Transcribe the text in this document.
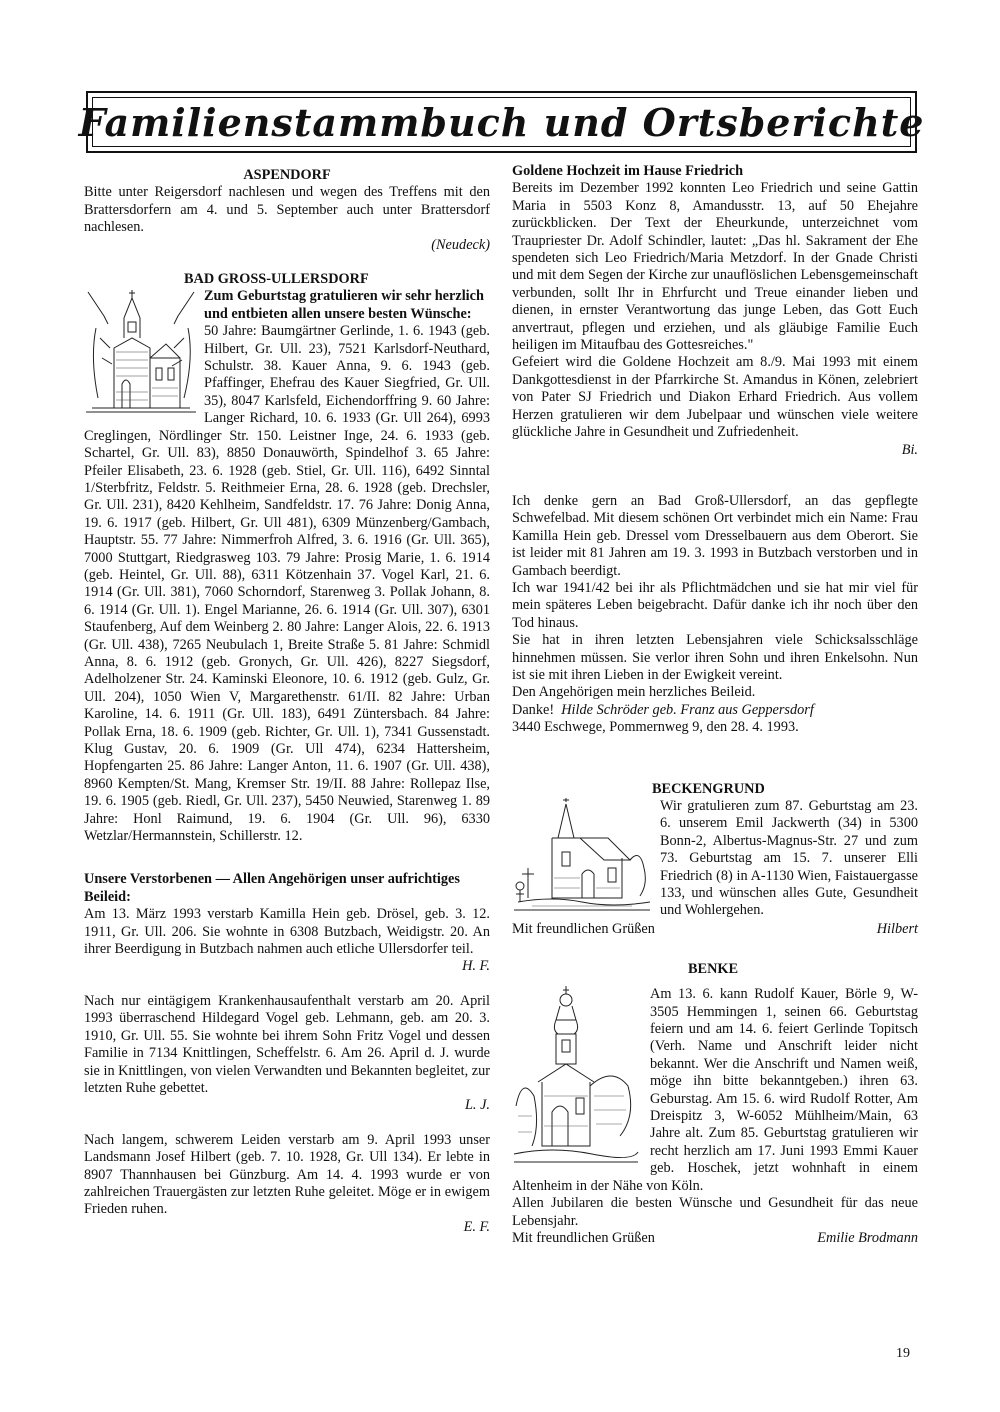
Familienstammbuch und Ortsberichte

ASPENDORF

Bitte unter Reigersdorf nachlesen und wegen des Treffens mit den Brattersdorfern am 4. und 5. September auch unter Brattersdorf nachlesen.

(Neudeck)

BAD GROSS-ULLERSDORF

Zum Geburtstag gratulieren wir sehr herzlich und entbieten allen unsere besten Wünsche:

50 Jahre: Baumgärtner Gerlinde, 1. 6. 1943 (geb. Hilbert, Gr. Ull. 23), 7521 Karlsdorf-Neuthard, Schulstr. 38. Kauer Anna, 9. 6. 1943 (geb. Pfaffinger, Ehefrau des Kauer Siegfried, Gr. Ull. 35), 8047 Karlsfeld, Eichendorffring 9. 60 Jahre: Langer Richard, 10. 6. 1933 (Gr. Ull 264), 6993 Creglingen, Nördlinger Str. 150. Leistner Inge, 24. 6. 1933 (geb. Schartel, Gr. Ull. 83), 8850 Donauwörth, Spindelhof 3. 65 Jahre: Pfeiler Elisabeth, 23. 6. 1928 (geb. Stiel, Gr. Ull. 116), 6492 Sinntal 1/Sterbfritz, Feldstr. 5. Reithmeier Erna, 28. 6. 1928 (geb. Drechsler, Gr. Ull. 231), 8420 Kehlheim, Sandfeldstr. 17. 76 Jahre: Donig Anna, 19. 6. 1917 (geb. Hilbert, Gr. Ull 481), 6309 Münzenberg/Gambach, Hauptstr. 55. 77 Jahre: Nimmerfroh Alfred, 3. 6. 1916 (Gr. Ull. 365), 7000 Stuttgart, Riedgrasweg 103. 79 Jahre: Prosig Marie, 1. 6. 1914 (geb. Heintel, Gr. Ull. 88), 6311 Kötzenhain 37. Vogel Karl, 21. 6. 1914 (Gr. Ull. 381), 7060 Schorndorf, Starenweg 3. Pollak Johann, 8. 6. 1914 (Gr. Ull. 1). Engel Marianne, 26. 6. 1914 (Gr. Ull. 307), 6301 Staufenberg, Auf dem Weinberg 2. 80 Jahre: Langer Alois, 22. 6. 1913 (Gr. Ull. 438), 7265 Neubulach 1, Breite Straße 5. 81 Jahre: Schmidl Anna, 8. 6. 1912 (geb. Gronych, Gr. Ull. 426), 8227 Siegsdorf, Adelholzener Str. 24. Kaminski Eleonore, 10. 6. 1912 (geb. Gulz, Gr. Ull. 204), 1050 Wien V, Margarethenstr. 61/II. 82 Jahre: Urban Karoline, 14. 6. 1911 (Gr. Ull. 183), 6491 Züntersbach. 84 Jahre: Pollak Erna, 18. 6. 1909 (geb. Richter, Gr. Ull. 1), 7341 Gussenstadt. Klug Gustav, 20. 6. 1909 (Gr. Ull 474), 6234 Hattersheim, Hopfengarten 25. 86 Jahre: Langer Anton, 11. 6. 1907 (Gr. Ull. 438), 8960 Kempten/St. Mang, Kremser Str. 19/II. 88 Jahre: Rollepaz Ilse, 19. 6. 1905 (geb. Riedl, Gr. Ull. 237), 5450 Neuwied, Starenweg 1. 89 Jahre: Honl Raimund, 19. 6. 1904 (Gr. Ull. 96), 6330 Wetzlar/Hermannstein, Schillerstr. 12.

Unsere Verstorbenen — Allen Angehörigen unser aufrichtiges Beileid:

Am 13. März 1993 verstarb Kamilla Hein geb. Drösel, geb. 3. 12. 1911, Gr. Ull. 206. Sie wohnte in 6308 Butzbach, Weidigstr. 20. An ihrer Beerdigung in Butzbach nahmen auch etliche Ullersdorfer teil.

H. F.

Nach nur eintägigem Krankenhausaufenthalt verstarb am 20. April 1993 überraschend Hildegard Vogel geb. Lehmann, geb. am 20. 3. 1910, Gr. Ull. 55. Sie wohnte bei ihrem Sohn Fritz Vogel und dessen Familie in 7134 Knittlingen, Scheffelstr. 6. Am 26. April d. J. wurde sie in Knittlingen, von vielen Verwandten und Bekannten begleitet, zur letzten Ruhe gebettet.

L. J.

Nach langem, schwerem Leiden verstarb am 9. April 1993 unser Landsmann Josef Hilbert (geb. 7. 10. 1928, Gr. Ull 134). Er lebte in 8907 Thannhausen bei Günzburg. Am 14. 4. 1993 wurde er von zahlreichen Trauergästen zur letzten Ruhe geleitet. Möge er in ewigem Frieden ruhen.

E. F.

Goldene Hochzeit im Hause Friedrich

Bereits im Dezember 1992 konnten Leo Friedrich und seine Gattin Maria in 5503 Konz 8, Amandusstr. 13, auf 50 Ehejahre zurückblicken. Der Text der Eheurkunde, unterzeichnet vom Traupriester Dr. Adolf Schindler, lautet: „Das hl. Sakrament der Ehe spendeten sich Leo Friedrich/Maria Metzdorf. In der Gnade Christi und mit dem Segen der Kirche zur unauflöslichen Lebensgemeinschaft verbunden, sollt Ihr in Ehrfurcht und Treue einander lieben und dienen, in ernster Verantwortung das junge Leben, das Gott Euch anvertraut, pflegen und erziehen, und als gläubige Familie Euch heiligen im Mitaufbau des Gottesreiches."

Gefeiert wird die Goldene Hochzeit am 8./9. Mai 1993 mit einem Dankgottesdienst in der Pfarrkirche St. Amandus in Könen, zelebriert von Pater SJ Friedrich und Diakon Erhard Friedrich. Aus vollem Herzen gratulieren wir dem Jubelpaar und wünschen viele weitere glückliche Jahre in Gesundheit und Zufriedenheit.

Bi.

Ich denke gern an Bad Groß-Ullersdorf, an das gepflegte Schwefelbad. Mit diesem schönen Ort verbindet mich ein Name: Frau Kamilla Hein geb. Dressel vom Dresselbauern aus dem Oberort. Sie ist leider mit 81 Jahren am 19. 3. 1993 in Butzbach verstorben und in Gambach beerdigt.

Ich war 1941/42 bei ihr als Pflichtmädchen und sie hat mir viel für mein späteres Leben beigebracht. Dafür danke ich ihr noch über den Tod hinaus.

Sie hat in ihren letzten Lebensjahren viele Schicksalsschläge hinnehmen müssen. Sie verlor ihren Sohn und ihren Enkelsohn. Nun ist sie mit ihren Lieben in der Ewigkeit vereint.

Den Angehörigen mein herzliches Beileid.

Danke! Hilde Schröder geb. Franz aus Geppersdorf

3440 Eschwege, Pommernweg 9, den 28. 4. 1993.

BECKENGRUND

Wir gratulieren zum 87. Geburtstag am 23. 6. unserem Emil Jackwerth (34) in 5300 Bonn-2, Albertus-Magnus-Str. 27 und zum 73. Geburtstag am 15. 7. unserer Elli Friedrich (8) in A-1130 Wien, Faistauergasse 133, und wünschen alles Gute, Gesundheit und Wohlergehen.

Mit freundlichen Grüßen	Hilbert

BENKE

Am 13. 6. kann Rudolf Kauer, Börle 9, W-3505 Hemmingen 1, seinen 66. Geburtstag feiern und am 14. 6. feiert Gerlinde Topitsch (Verh. Name und Anschrift leider nicht bekannt. Wer die Anschrift und Namen weiß, möge ihn bitte bekanntgeben.) ihren 63. Geburstag. Am 15. 6. wird Rudolf Rotter, Am Dreispitz 3, W-6052 Mühlheim/Main, 63 Jahre alt. Zum 85. Geburtstag gratulieren wir recht herzlich am 17. Juni 1993 Emmi Kauer geb. Hoschek, jetzt wohnhaft in einem Altenheim in der Nähe von Köln.

Allen Jubilaren die besten Wünsche und Gesundheit für das neue Lebensjahr.

Mit freundlichen Grüßen	Emilie Brodmann
19
